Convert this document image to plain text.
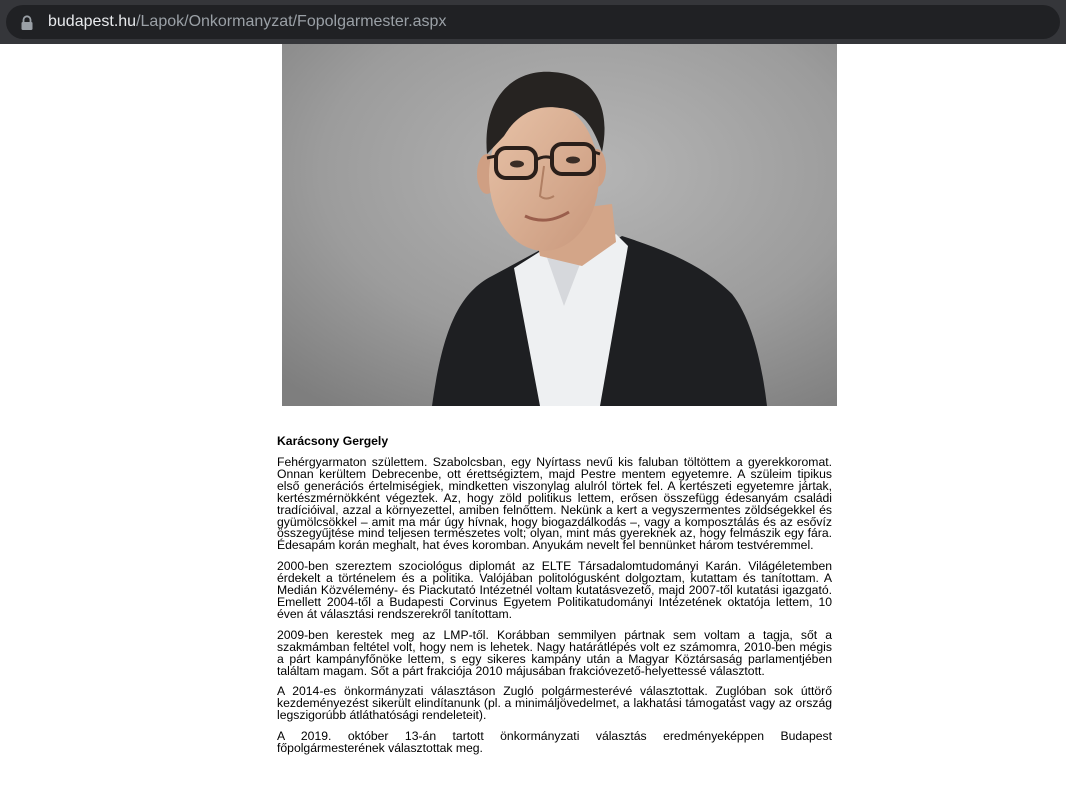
budapest.hu/Lapok/Onkormanyzat/Fopolgarmester.aspx
Karácsony Gergely

Fehérgyarmaton születtem. Szabolcsban, egy Nyírtass nevű kis faluban töltöttem a gyerekkoromat. Onnan kerültem Debrecenbe, ott érettségiztem, majd Pestre mentem egyetemre. A szüleim tipikus első generációs értelmiségiek, mindketten viszonylag alulról törtek fel. A kertészeti egyetemre jártak, kertészmérnökként végeztek. Az, hogy zöld politikus lettem, erősen összefügg édesanyám családi tradícióival, azzal a környezettel, amiben felnőttem. Nekünk a kert a vegyszermentes zöldségekkel és gyümölcsökkel – amit ma már úgy hívnak, hogy biogazdálkodás –, vagy a komposztálás és az esővíz összegyűjtése mind teljesen természetes volt; olyan, mint más gyereknek az, hogy felmászik egy fára. Édesapám korán meghalt, hat éves koromban. Anyukám nevelt fel bennünket három testvéremmel.

2000-ben szereztem szociológus diplomát az ELTE Társadalomtudományi Karán. Világéletemben érdekelt a történelem és a politika. Valójában politológusként dolgoztam, kutattam és tanítottam. A Medián Közvélemény- és Piackutató Intézetnél voltam kutatásvezető, majd 2007-től kutatási igazgató. Emellett 2004-től a Budapesti Corvinus Egyetem Politikatudományi Intézetének oktatója lettem, 10 éven át választási rendszerekről tanítottam.

2009-ben kerestek meg az LMP-től. Korábban semmilyen pártnak sem voltam a tagja, sőt a szakmámban feltétel volt, hogy nem is lehetek. Nagy határátlépés volt ez számomra, 2010-ben mégis a párt kampányfőnöke lettem, s egy sikeres kampány után a Magyar Köztársaság parlamentjében találtam magam. Sőt a párt frakciója 2010 májusában frakcióvezető-helyettessé választott.

A 2014-es önkormányzati választáson Zugló polgármesterévé választottak. Zuglóban sok úttörő kezdeményezést sikerült elindítanunk (pl. a minimáljövedelmet, a lakhatási támogatást vagy az ország legszigorúbb átláthatósági rendeleteit).

A 2019. október 13-án tartott önkormányzati választás eredményeképpen Budapest főpolgármesterének választottak meg.
